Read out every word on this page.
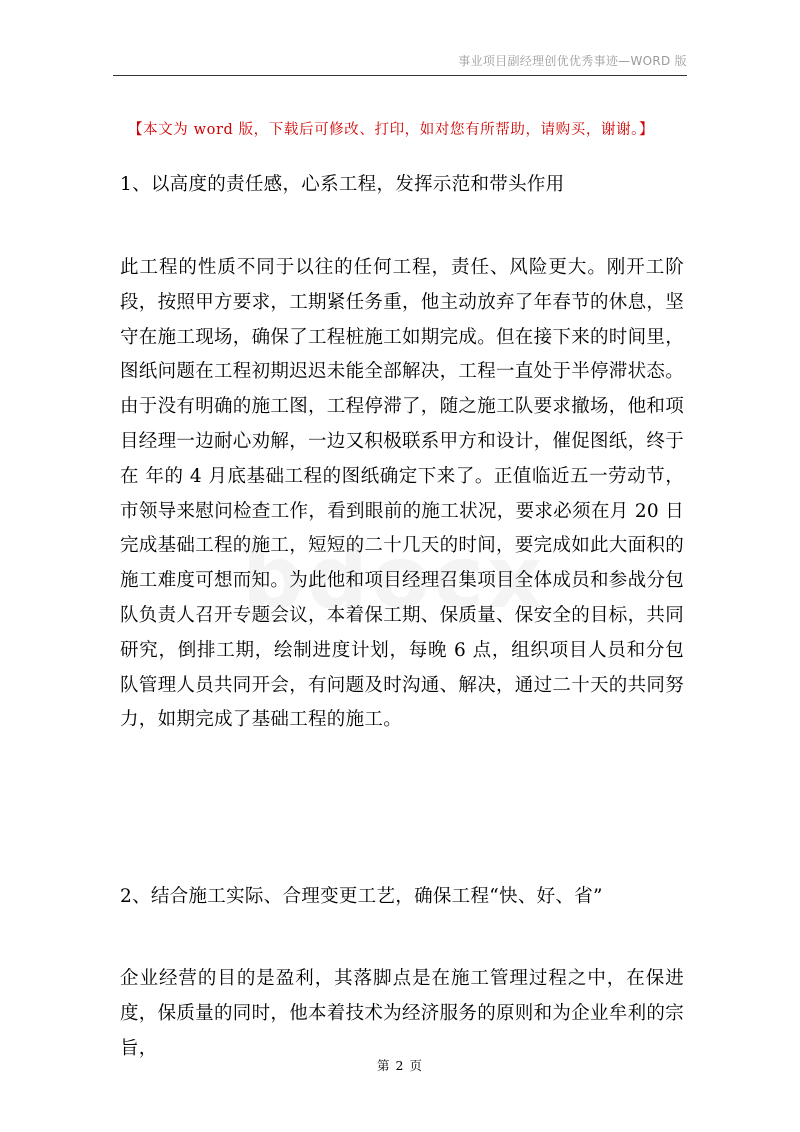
事业项目副经理创优优秀事迹—WORD 版
【本文为 word 版，下载后可修改、打印，如对您有所帮助，请购买，谢谢。】

1、以高度的责任感，心系工程，发挥示范和带头作用

此工程的性质不同于以往的任何工程，责任、风险更大。刚开工阶段，按照甲方要求，工期紧任务重，他主动放弃了年春节的休息，坚守在施工现场，确保了工程桩施工如期完成。但在接下来的时间里，图纸问题在工程初期迟迟未能全部解决，工程一直处于半停滞状态。由于没有明确的施工图，工程停滞了，随之施工队要求撤场，他和项目经理一边耐心劝解，一边又积极联系甲方和设计，催促图纸，终于在 年的 4 月底基础工程的图纸确定下来了。正值临近五一劳动节，市领导来慰问检查工作，看到眼前的施工状况，要求必须在月 20 日完成基础工程的施工，短短的二十几天的时间，要完成如此大面积的施工难度可想而知。为此他和项目经理召集项目全体成员和参战分包队负责人召开专题会议，本着保工期、保质量、保安全的目标，共同研究，倒排工期，绘制进度计划，每晚 6 点，组织项目人员和分包队管理人员共同开会，有问题及时沟通、解决，通过二十天的共同努力，如期完成了基础工程的施工。

2、结合施工实际、合理变更工艺，确保工程“快、好、省”

企业经营的目的是盈利，其落脚点是在施工管理过程之中，在保进度，保质量的同时，他本着技术为经济服务的原则和为企业牟利的宗旨，

第 2 页
